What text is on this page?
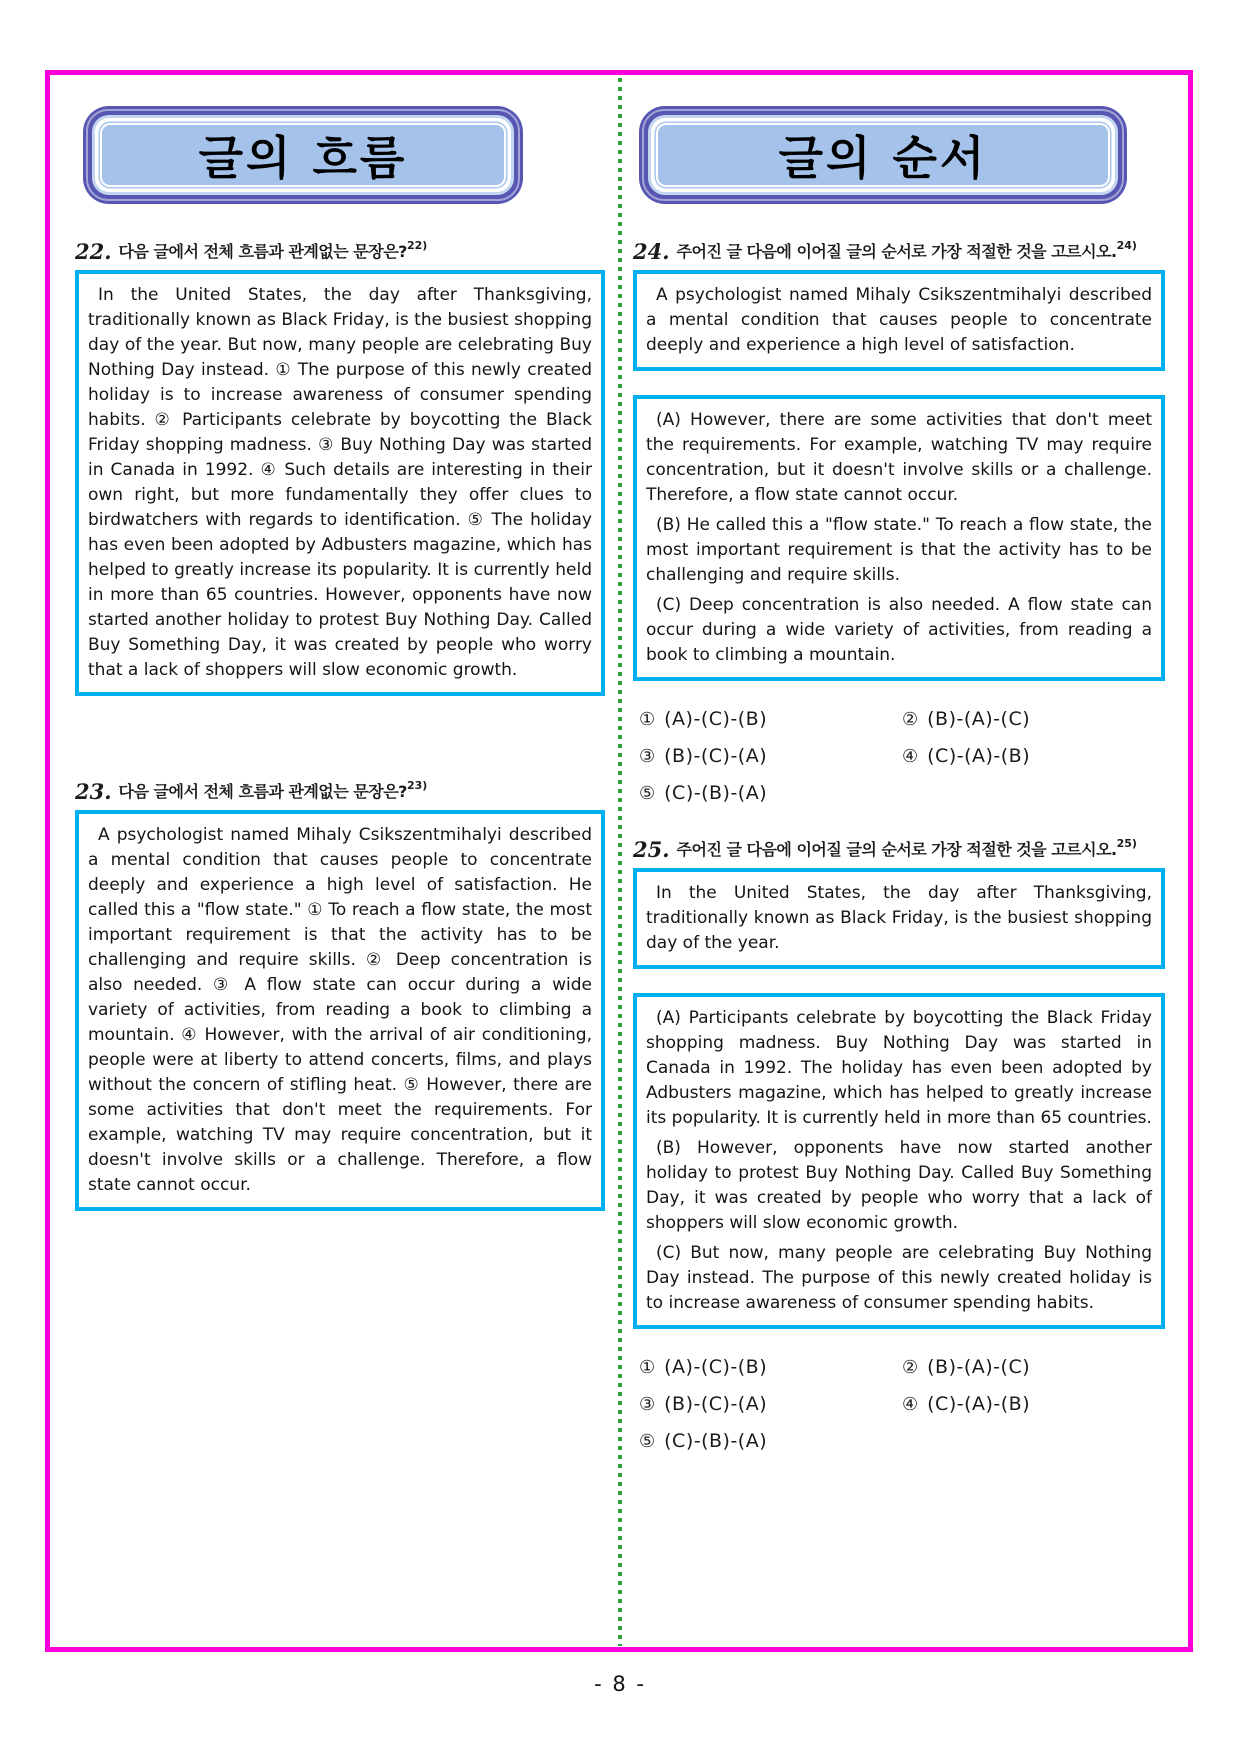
글의 흐름
22. 다음 글에서 전체 흐름과 관계없는 문장은?$^{22)}$

In the United States, the day after Thanksgiving, traditionally known as Black Friday, is the busiest shopping day of the year. But now, many people are celebrating Buy Nothing Day instead. ① The purpose of this newly created holiday is to increase awareness of consumer spending habits. ② Participants celebrate by boycotting the Black Friday shopping madness. ③ Buy Nothing Day was started in Canada in 1992. ④ Such details are interesting in their own right, but more fundamentally they offer clues to birdwatchers with regards to identification. ⑤ The holiday has even been adopted by Adbusters magazine, which has helped to greatly increase its popularity. It is currently held in more than 65 countries. However, opponents have now started another holiday to protest Buy Nothing Day. Called Buy Something Day, it was created by people who worry that a lack of shoppers will slow economic growth.

23. 다음 글에서 전체 흐름과 관계없는 문장은?$^{23)}$

A psychologist named Mihaly Csikszentmihalyi described a mental condition that causes people to concentrate deeply and experience a high level of satisfaction. He called this a "flow state." ① To reach a flow state, the most important requirement is that the activity has to be challenging and require skills. ② Deep concentration is also needed. ③ A flow state can occur during a wide variety of activities, from reading a book to climbing a mountain. ④ However, with the arrival of air conditioning, people were at liberty to attend concerts, films, and plays without the concern of stifling heat. ⑤ However, there are some activities that don't meet the requirements. For example, watching TV may require concentration, but it doesn't involve skills or a challenge. Therefore, a flow state cannot occur.

글의 순서
24. 주어진 글 다음에 이어질 글의 순서로 가장 적절한 것을 고르시오.$^{24)}$

A psychologist named Mihaly Csikszentmihalyi described a mental condition that causes people to concentrate deeply and experience a high level of satisfaction.

(A) However, there are some activities that don't meet the requirements. For example, watching TV may require concentration, but it doesn't involve skills or a challenge. Therefore, a flow state cannot occur.

(B) He called this a "flow state." To reach a flow state, the most important requirement is that the activity has to be challenging and require skills.

(C) Deep concentration is also needed. A flow state can occur during a wide variety of activities, from reading a book to climbing a mountain.

① (A)-(C)-(B)	② (B)-(A)-(C)
③ (B)-(C)-(A)	④ (C)-(A)-(B)
⑤ (C)-(B)-(A)
25. 주어진 글 다음에 이어질 글의 순서로 가장 적절한 것을 고르시오.$^{25)}$

In the United States, the day after Thanksgiving, traditionally known as Black Friday, is the busiest shopping day of the year.

(A) Participants celebrate by boycotting the Black Friday shopping madness. Buy Nothing Day was started in Canada in 1992. The holiday has even been adopted by Adbusters magazine, which has helped to greatly increase its popularity. It is currently held in more than 65 countries.

(B) However, opponents have now started another holiday to protest Buy Nothing Day. Called Buy Something Day, it was created by people who worry that a lack of shoppers will slow economic growth.

(C) But now, many people are celebrating Buy Nothing Day instead. The purpose of this newly created holiday is to increase awareness of consumer spending habits.

① (A)-(C)-(B)	② (B)-(A)-(C)
③ (B)-(C)-(A)	④ (C)-(A)-(B)
⑤ (C)-(B)-(A)
- 8 -
